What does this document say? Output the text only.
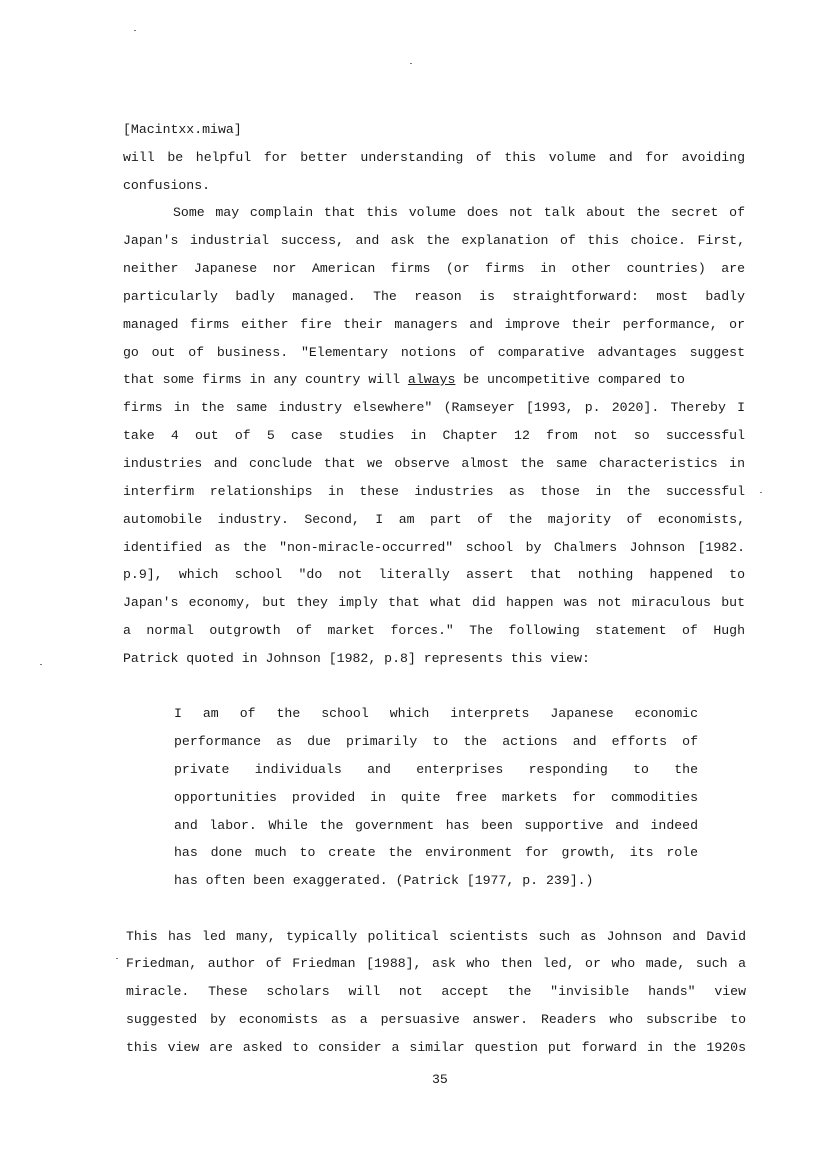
[Macintxx.miwa]
will be helpful for better understanding of this volume and for avoiding
confusions.
Some may complain that this volume does not talk about the secret of
Japan's industrial success, and ask the explanation of this choice. First,
neither Japanese nor American firms (or firms in other countries) are
particularly badly managed. The reason is straightforward: most badly
managed firms either fire their managers and improve their performance, or
go out of business. "Elementary notions of comparative advantages suggest
that some firms in any country will always be uncompetitive compared to
firms in the same industry elsewhere" (Ramseyer [1993, p. 2020]. Thereby I
take 4 out of 5 case studies in Chapter 12 from not so successful
industries and conclude that we observe almost the same characteristics in
interfirm relationships in these industries as those in the successful
automobile industry. Second, I am part of the majority of economists,
identified as the "non-miracle-occurred" school by Chalmers Johnson [1982.
p.9], which school "do not literally assert that nothing happened to
Japan's economy, but they imply that what did happen was not miraculous but
a normal outgrowth of market forces." The following statement of Hugh
Patrick quoted in Johnson [1982, p.8] represents this view:
I am of the school which interprets Japanese economic
performance as due primarily to the actions and efforts of
private individuals and enterprises responding to the
opportunities provided in quite free markets for commodities
and labor. While the government has been supportive and indeed
has done much to create the environment for growth, its role
has often been exaggerated. (Patrick [1977, p. 239].)
This has led many, typically political scientists such as Johnson and David
Friedman, author of Friedman [1988], ask who then led, or who made, such a
miracle. These scholars will not accept the "invisible hands" view
suggested by economists as a persuasive answer. Readers who subscribe to
this view are asked to consider a similar question put forward in the 1920s
35
